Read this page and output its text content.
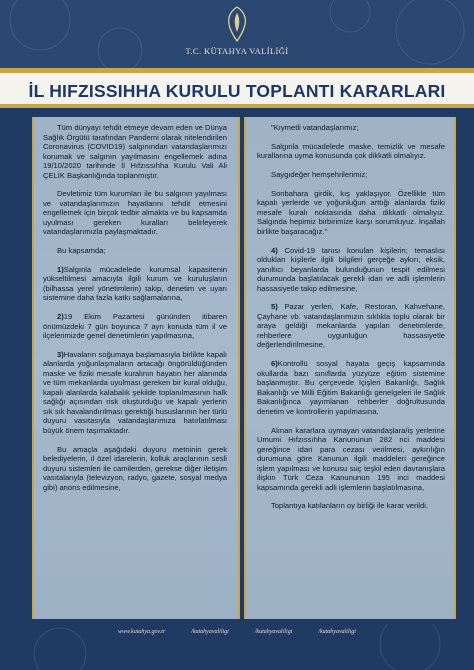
T.C. KÜTAHYA VALİLİĞİ
İL HIFZISSIHHA KURULU TOPLANTI KARARLARI
Tüm dünyayı tehdit etmeye devam eden ve Dünya Sağlık Örgütü tarafından Pandemi olarak nitelendirilen Coronavirus (COVID19) salgınından vatandaşlarımızı korumak ve salgının yayılmasını engellemek adına 19/10/2020 tarihinde İl Hıfzıssıhha Kurulu Vali Ali ÇELİK Başkanlığında toplanmıştır.
Devletimiz tüm kurumları ile bu salgının yayılması ve vatandaşlarımızın hayatlarını tehdit etmesini engellemek için birçok tedbir almakta ve bu kapsamda uyulması gereken kuralları belirleyerek vatandaşlarımızla paylaşmaktadır.
Bu kapsamda;
1)Salgınla mücadelede kurumsal kapasitenin yükseltilmesi amacıyla ilgili kurum ve kuruluşların (bilhassa yerel yönetimlerin) takip, denetim ve uyarı sistemine daha fazla katkı sağlamalarına,
2)19 Ekim Pazartesi gününden itibaren önümüzdeki 7 gün boyunca 7 ayrı konuda tüm il ve ilçelerimizde genel denetimlerin yapılmasına,
3)Havaların soğumaya başlamasıyla birlikte kapalı alanlarda yoğunlaşmaların artacağı öngörüldüğünden maske ve fiziki mesafe kuralının hayatın her alanında ve tüm mekanlarda uyulması gereken bir kural olduğu, kapalı alanlarda kalabalık şekilde toplanılmasının halk sağlığı açısından risk oluşturduğu ve kapalı yerlerin sık sık havalandırılması gerektiği hususlarının her türlü duyuru vasıtasıyla vatandaşlarımıza hatırlatılması büyük önem taşımaktadır.
Bu amaçla aşağıdaki duyuru metninin gerek belediyelerin, il özel idarelerin, kolluk araçlarının sesli duyuru sistemleri ile camilerden, gerekse diğer iletişim vasıtalarıyla (televizyon, radyo, gazete, sosyal medya gibi) anons edilmesine,
"Kıymetli vatandaşlarımız;
Salgınla mücadelede maske, temizlik ve mesafe kurallarına uyma konusunda çok dikkatli olmalıyız.
Saygıdeğer hemşehrilerimiz;
Sonbahara girdik, kış yaklaşıyor. Özellikle tüm kapalı yerlerde ve yoğunluğun arttığı alanlarda fiziki mesafe kuralı noktasında daha dikkatli olmalıyız. Salgında hepimiz birbirimize karşı sorumluyuz. İnşallah birlikte başaracağız."
4) Covid-19 tanısı konulan kişilerin; temaslısı oldukları kişilerle ilgili bilgileri gerçeğe aykırı, eksik, yanıltıcı beyanlarda bulunduğunun tespit edilmesi durumunda başlatılacak gerekli idari ve adli işlemlerin hassasiyetle takip edilmesine,
5) Pazar yerleri, Kafe, Restoran, Kahvehane, Çayhane vb. vatandaşlarımızın sıklıkla toplu olarak bir araya geldiği mekanlarda yapılan denetimlerde, rehberlere uygunluğun hassasiyetle değerlendirilmesine,
6)Kontrollü sosyal hayata geçiş kapsamında okullarda bazı sınıflarda yüzyüze eğitim sistemine başlanmıştır. Bu çerçevede İçişleri Bakanlığı, Sağlık Bakanlığı ve Milli Eğitim Bakanlığı genelgeleri ile Sağlık Bakanlığınca yayımlanan rehberler doğrultusunda denetim ve kontrollerin yapılmasına,
Alınan kararlara uymayan vatandaşlara/iş yerlerine Umumi Hıfzıssıhha Kanununun 282 nci maddesi gereğince idari para cezası verilmesi, aykırılığın durumuna göre Kanunun ilgili maddeleri gereğince işlem yapılması ve konusu suç teşkil eden davranışlara ilişkin Türk Ceza Kanununun 195 inci maddesi kapsamında gerekli adli işlemlerin başlatılmasına,
Toplantıya katılanların oy birliği ile karar verildi.
www.kutahya.gov.tr	/kutahyavaliligi	/kutahyavaliligi	/kutahyavaliligi
